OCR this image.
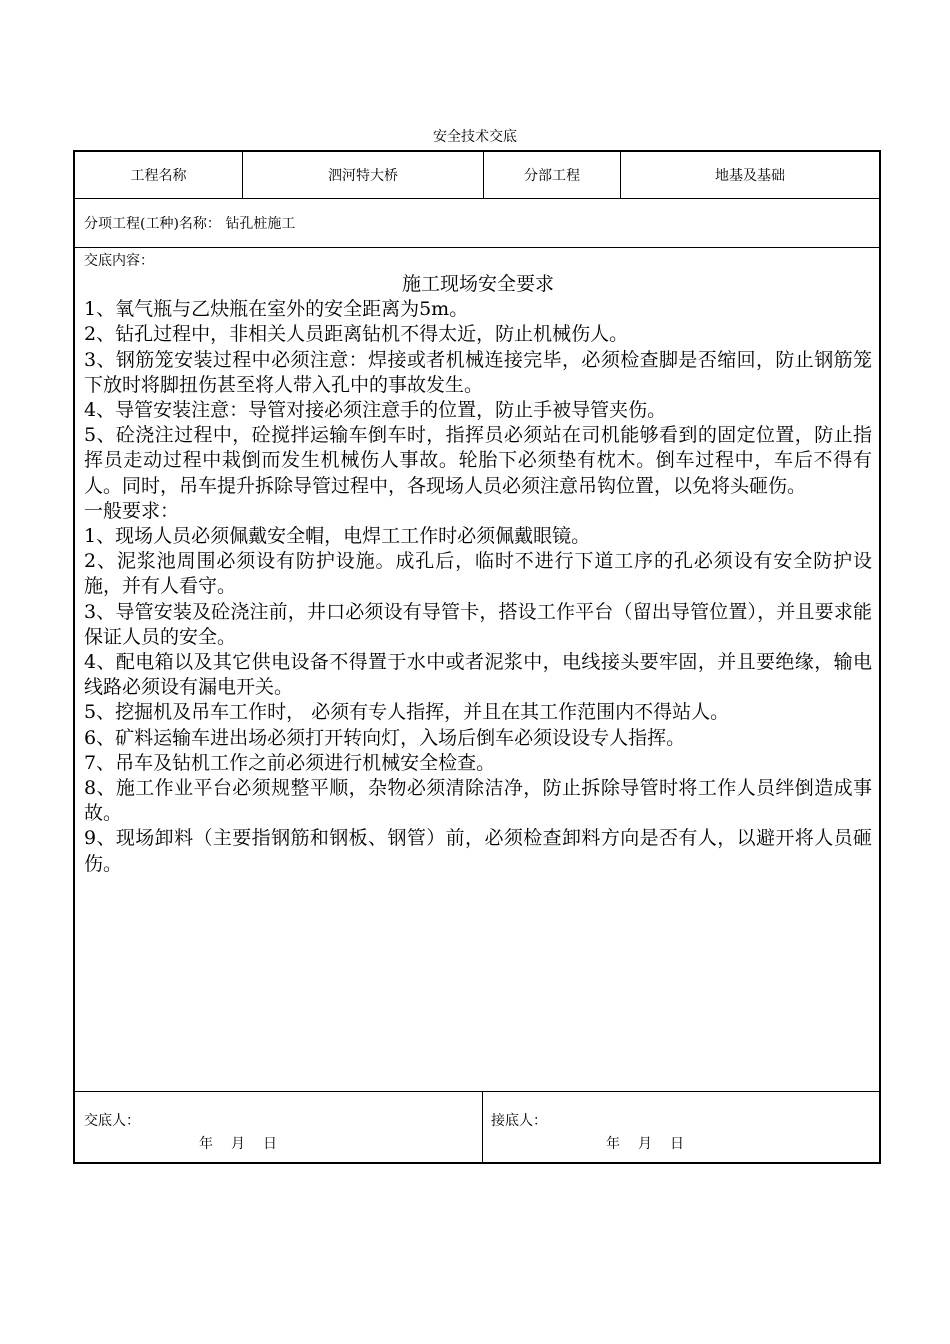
安全技术交底
工程名称	泗河特大桥	分部工程	地基及基础
分项工程(工种)名称： 钻孔桩施工
交底内容：
施工现场安全要求

1、氧气瓶与乙炔瓶在室外的安全距离为5m。

2、钻孔过程中，非相关人员距离钻机不得太近，防止机械伤人。

3、钢筋笼安装过程中必须注意：焊接或者机械连接完毕，必须检查脚是否缩回，防止钢筋笼下放时将脚扭伤甚至将人带入孔中的事故发生。

4、导管安装注意：导管对接必须注意手的位置，防止手被导管夹伤。

5、砼浇注过程中，砼搅拌运输车倒车时，指挥员必须站在司机能够看到的固定位置，防止指挥员走动过程中栽倒而发生机械伤人事故。轮胎下必须垫有枕木。倒车过程中，车后不得有人。同时，吊车提升拆除导管过程中，各现场人员必须注意吊钩位置，以免将头砸伤。

一般要求：

1、现场人员必须佩戴安全帽，电焊工工作时必须佩戴眼镜。

2、泥浆池周围必须设有防护设施。成孔后，临时不进行下道工序的孔必须设有安全防护设施，并有人看守。

3、导管安装及砼浇注前，井口必须设有导管卡，搭设工作平台（留出导管位置），并且要求能保证人员的安全。

4、配电箱以及其它供电设备不得置于水中或者泥浆中，电线接头要牢固，并且要绝缘，输电线路必须设有漏电开关。

5、挖掘机及吊车工作时， 必须有专人指挥，并且在其工作范围内不得站人。

6、矿料运输车进出场必须打开转向灯，入场后倒车必须设设专人指挥。

7、吊车及钻机工作之前必须进行机械安全检查。

8、施工作业平台必须规整平顺，杂物必须清除洁净，防止拆除导管时将工作人员绊倒造成事故。

9、现场卸料（主要指钢筋和钢板、钢管）前，必须检查卸料方向是否有人，以避开将人员砸伤。

交底人：
年 月 日
接底人：
年 月 日
